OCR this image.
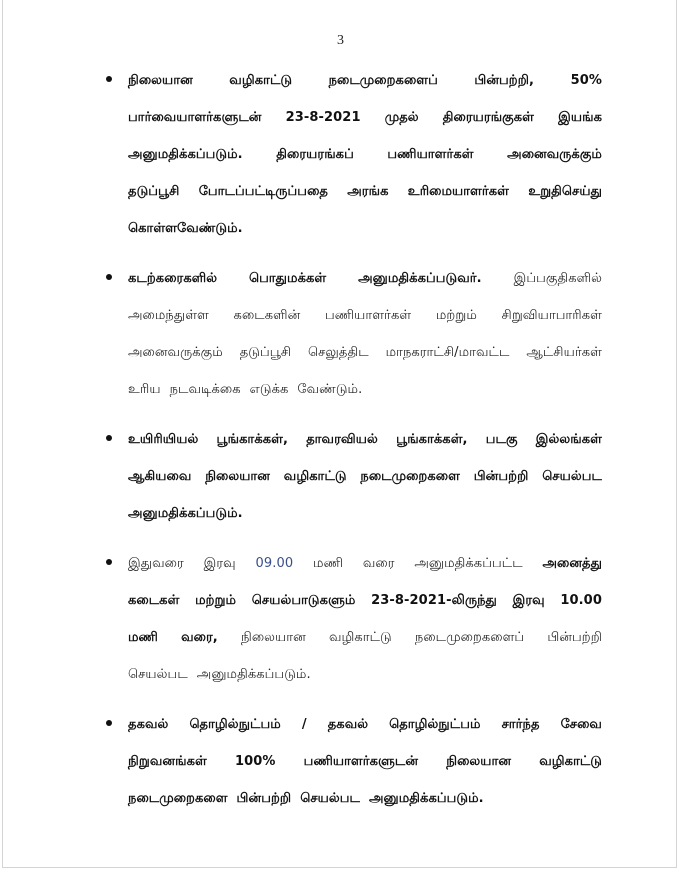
3
நிலையான	வழிகாட்டு	நடைமுறைகளைப்	பின்பற்றி,	50%
பார்வையாளர்களுடன் 23-8-2021 முதல் திரையரங்குகள் இயங்க
அனுமதிக்கப்படும்.	திரையரங்கப்	பணியாளர்கள்	அனைவருக்கும்
தடுப்பூசி போடப்பட்டிருப்பதை அரங்க உரிமையாளர்கள் உறுதிசெய்து
கொள்ளவேண்டும்.
கடற்கரைகளில் பொதுமக்கள் அனுமதிக்கப்படுவர். இப்பகுதிகளில்
அமைந்துள்ள கடைகளின் பணியாளர்கள் மற்றும் சிறுவியாபாரிகள்
அனைவருக்கும் தடுப்பூசி செலுத்திட மாநகராட்சி/மாவட்ட ஆட்சியர்கள்
உரிய நடவடிக்கை எடுக்க வேண்டும்.
உயிரியியல் பூங்காக்கள், தாவரவியல் பூங்காக்கள், படகு இல்லங்கள்
ஆகியவை நிலையான வழிகாட்டு நடைமுறைகளை பின்பற்றி செயல்பட
அனுமதிக்கப்படும்.
இதுவரை இரவு 09.00 மணி வரை அனுமதிக்கப்பட்ட அனைத்து
கடைகள் மற்றும் செயல்பாடுகளும் 23-8-2021-லிருந்து இரவு 10.00
மணி வரை, நிலையான வழிகாட்டு நடைமுறைகளைப் பின்பற்றி
செயல்பட அனுமதிக்கப்படும்.
தகவல் தொழில்நுட்பம் / தகவல் தொழில்நுட்பம் சார்ந்த சேவை
நிறுவனங்கள் 100% பணியாளர்களுடன் நிலையான வழிகாட்டு
நடைமுறைகளை பின்பற்றி செயல்பட அனுமதிக்கப்படும்.
